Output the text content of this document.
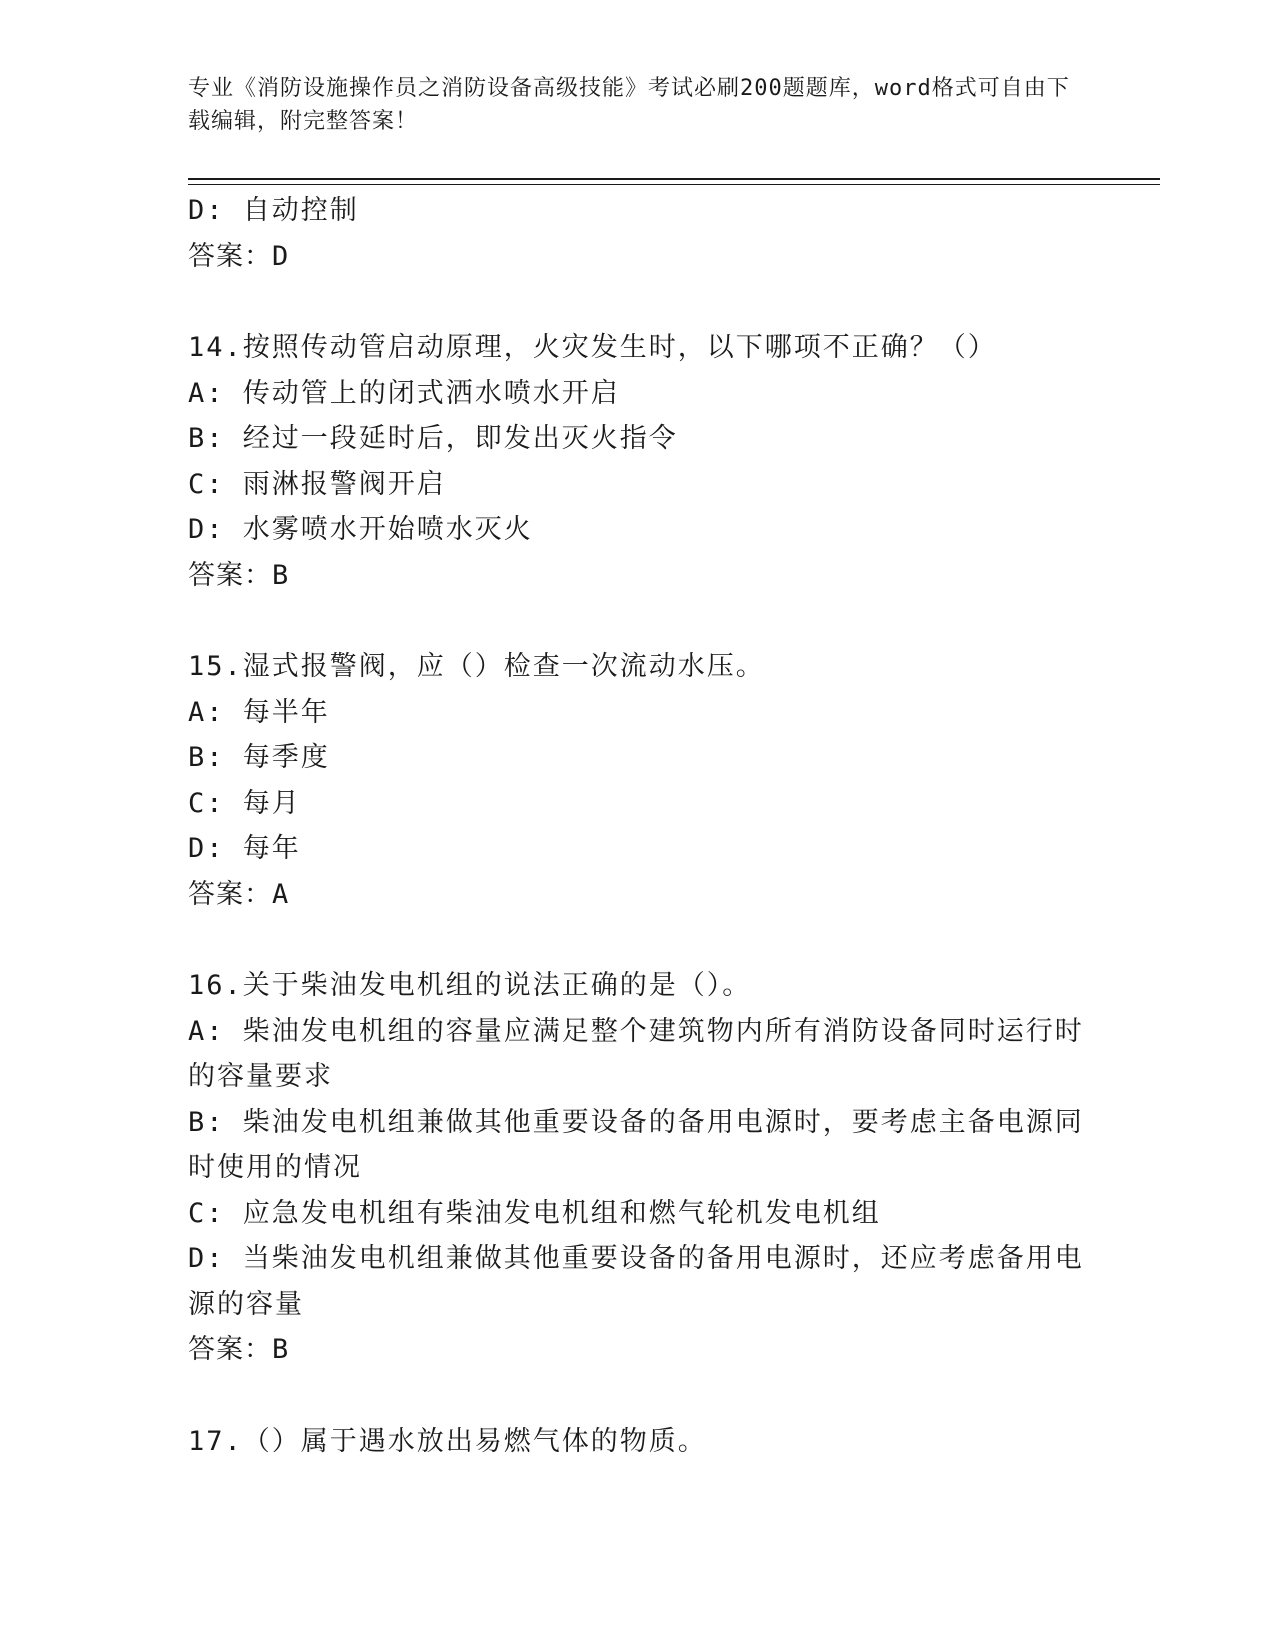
专业《消防设施操作员之消防设备高级技能》考试必刷200题题库，word格式可自由下载编辑，附完整答案！
D: 自动控制
答案：D
14.按照传动管启动原理，火灾发生时，以下哪项不正确？（）
A: 传动管上的闭式洒水喷水开启
B: 经过一段延时后，即发出灭火指令
C: 雨淋报警阀开启
D: 水雾喷水开始喷水灭火
答案：B
15.湿式报警阀，应（）检查一次流动水压。
A: 每半年
B: 每季度
C: 每月
D: 每年
答案：A
16.关于柴油发电机组的说法正确的是（）。
A: 柴油发电机组的容量应满足整个建筑物内所有消防设备同时运行时的容量要求
B: 柴油发电机组兼做其他重要设备的备用电源时，要考虑主备电源同时使用的情况
C: 应急发电机组有柴油发电机组和燃气轮机发电机组
D: 当柴油发电机组兼做其他重要设备的备用电源时，还应考虑备用电源的容量
答案：B
17.（）属于遇水放出易燃气体的物质。
